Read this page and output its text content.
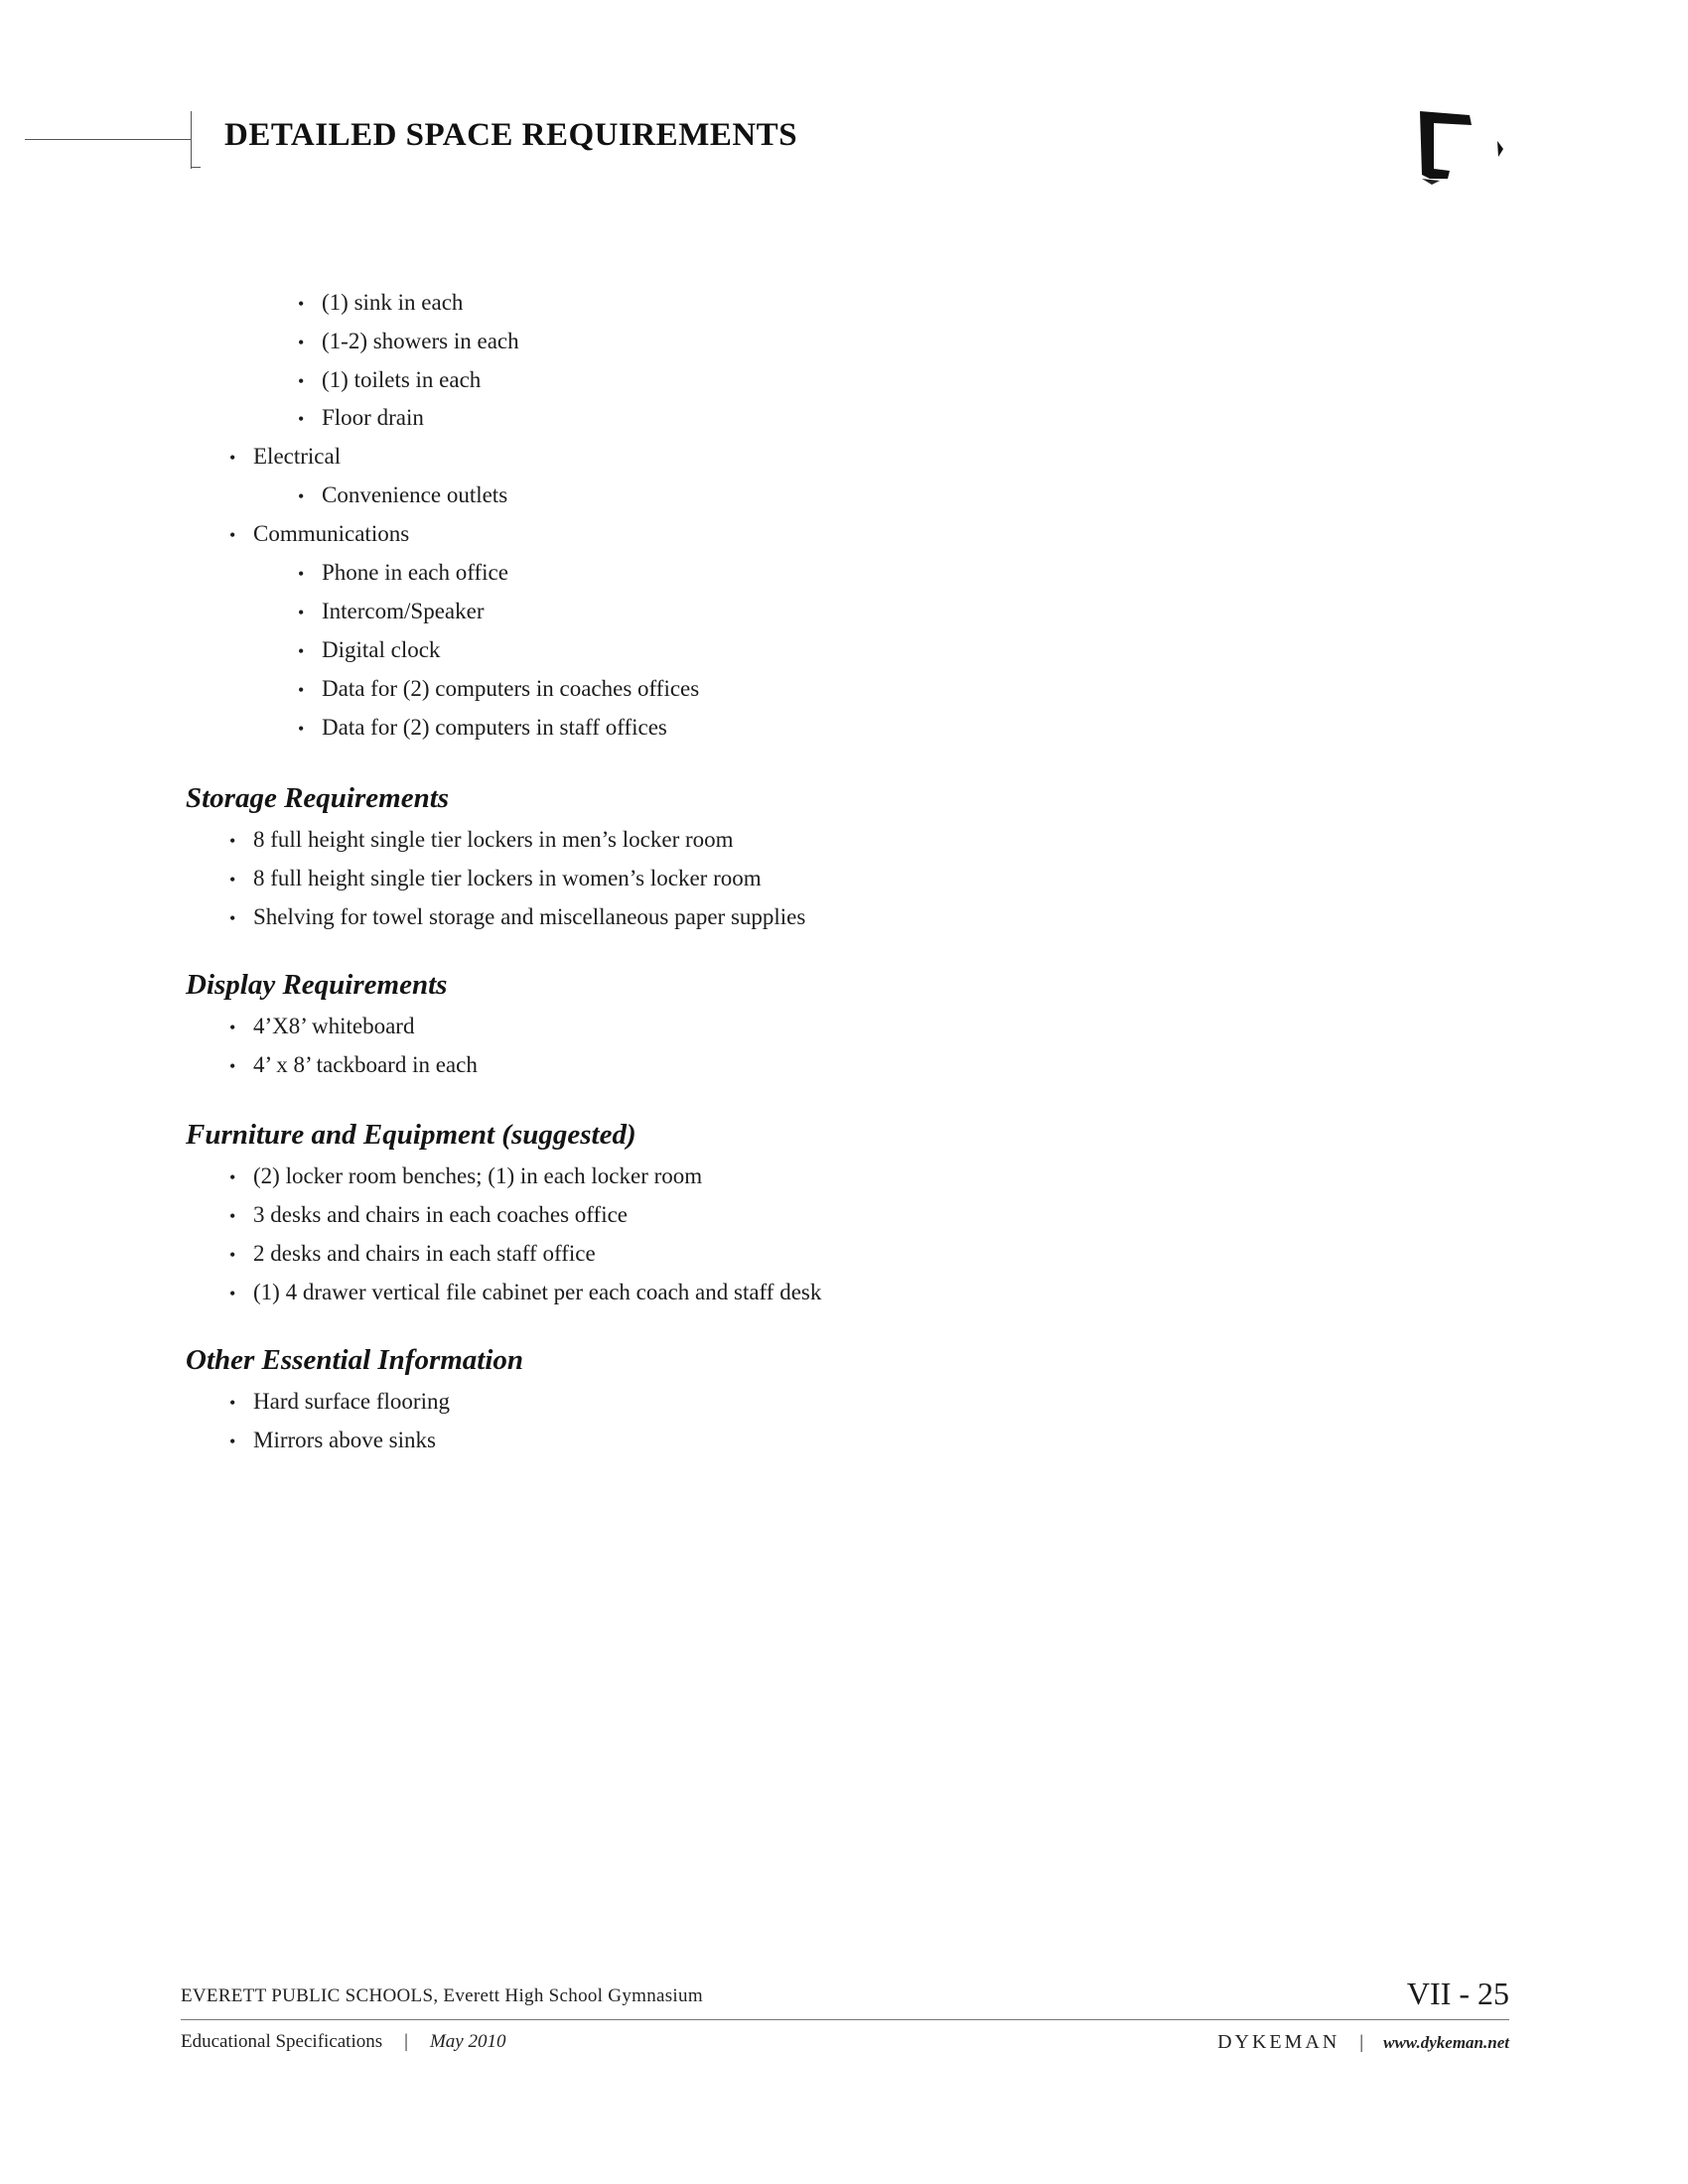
DETAILED SPACE REQUIREMENTS
• (1) sink in each
• (1-2) showers in each
• (1) toilets in each
• Floor drain
• Electrical
• Convenience outlets
• Communications
• Phone in each office
• Intercom/Speaker
• Digital clock
• Data for (2) computers in coaches offices
• Data for (2) computers in staff offices
Storage Requirements
• 8 full height single tier lockers in men’s locker room
• 8 full height single tier lockers in women’s locker room
• Shelving for towel storage and miscellaneous paper supplies
Display Requirements
• 4’X8’ whiteboard
• 4’ x 8’ tackboard in each
Furniture and Equipment (suggested)
• (2) locker room benches; (1) in each locker room
• 3 desks and chairs in each coaches office
• 2 desks and chairs in each staff office
• (1) 4 drawer vertical file cabinet per each coach and staff desk
Other Essential Information
• Hard surface flooring
• Mirrors above sinks
EVERETT PUBLIC SCHOOLS, Everett High School Gymnasium	VII - 25
Educational Specifications | May 2010	DYKEMAN | www.dykeman.net
